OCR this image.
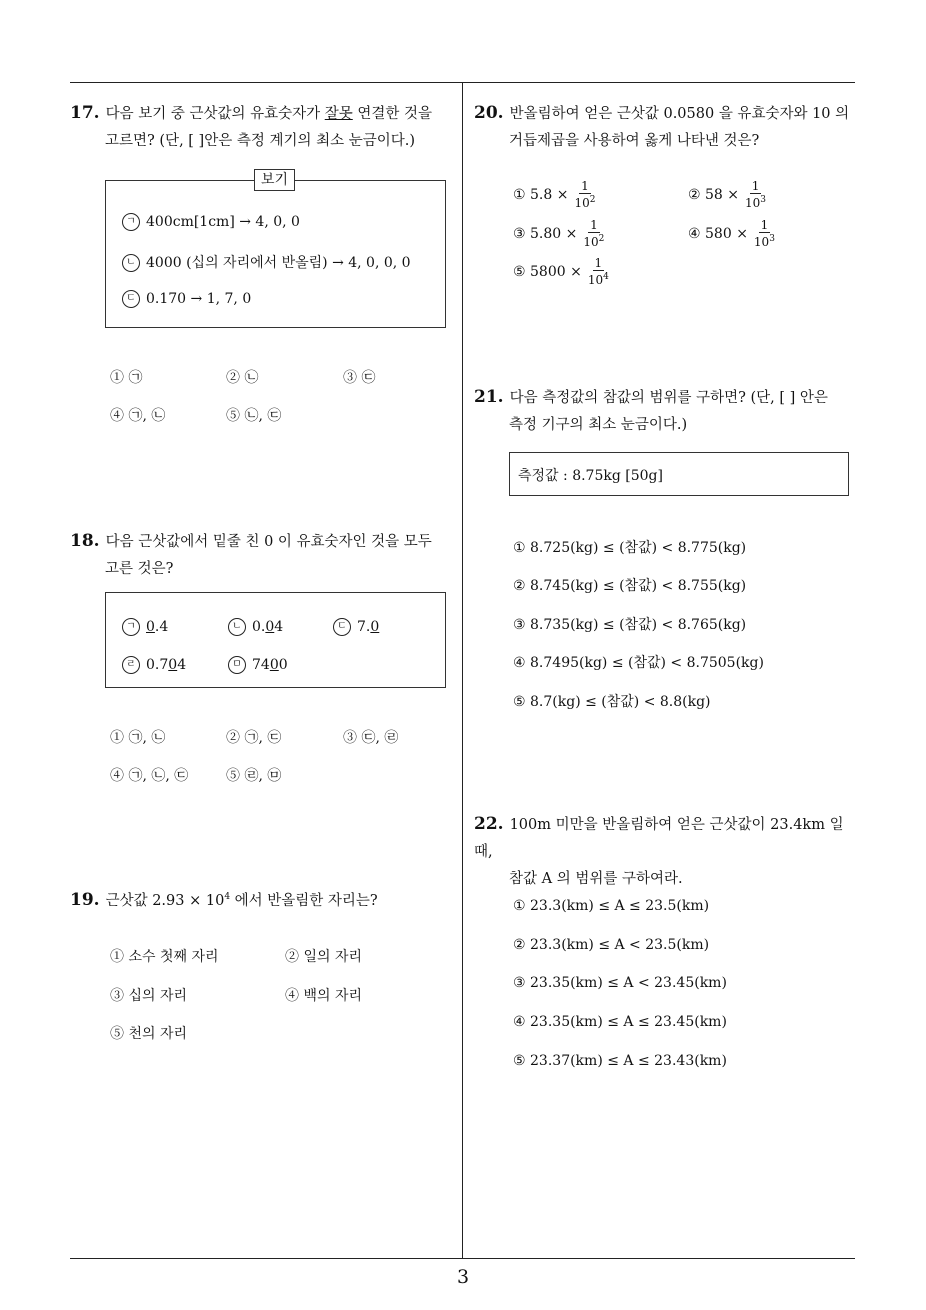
3
17. 다음 보기 중 근삿값의 유효숫자가 잘못 연결한 것을
고르면? (단, [ ]안은 측정 계기의 최소 눈금이다.)
보기
ㄱ 400cm[1cm] → 4, 0, 0
ㄴ 4000 (십의 자리에서 반올림) → 4, 0, 0, 0
ㄷ 0.170 → 1, 7, 0
① ㉠	② ㉡	③ ㉢
④ ㉠, ㉡	⑤ ㉡, ㉢
18. 다음 근삿값에서 밑줄 친 0 이 유효숫자인 것을 모두
고른 것은?
ㄱ 0.4	ㄴ 0.04	ㄷ 7.0
ㄹ 0.704	ㅁ 7400
① ㉠, ㉡	② ㉠, ㉢	③ ㉢, ㉣
④ ㉠, ㉡, ㉢	⑤ ㉣, ㉤
19. 근삿값 $2.93 \times 10^4$ 에서 반올림한 자리는?
① 소수 첫째 자리	② 일의 자리
③ 십의 자리	④ 백의 자리
⑤ 천의 자리
20. 반올림하여 얻은 근삿값 0.0580 을 유효숫자와 10 의
거듭제곱을 사용하여 옳게 나타낸 것은?
① $5.8 \times \frac{1}{10^2}$	② $58 \times \frac{1}{10^3}$
③ $5.80 \times \frac{1}{10^2}$	④ $580 \times \frac{1}{10^3}$
⑤ $5800 \times \frac{1}{10^4}$
21. 다음 측정값의 참값의 범위를 구하면? (단, [ ] 안은
측정 기구의 최소 눈금이다.)
측정값 : 8.75kg [50g]
① 8.725(kg) ≤ (참값) < 8.775(kg)
② 8.745(kg) ≤ (참값) < 8.755(kg)
③ 8.735(kg) ≤ (참값) < 8.765(kg)
④ 8.7495(kg) ≤ (참값) < 8.7505(kg)
⑤ 8.7(kg) ≤ (참값) < 8.8(kg)
22. 100m 미만을 반올림하여 얻은 근삿값이 23.4km 일 때,
참값 A 의 범위를 구하여라.
① 23.3(km) ≤ A ≤ 23.5(km)
② 23.3(km) ≤ A < 23.5(km)
③ 23.35(km) ≤ A < 23.45(km)
④ 23.35(km) ≤ A ≤ 23.45(km)
⑤ 23.37(km) ≤ A ≤ 23.43(km)
